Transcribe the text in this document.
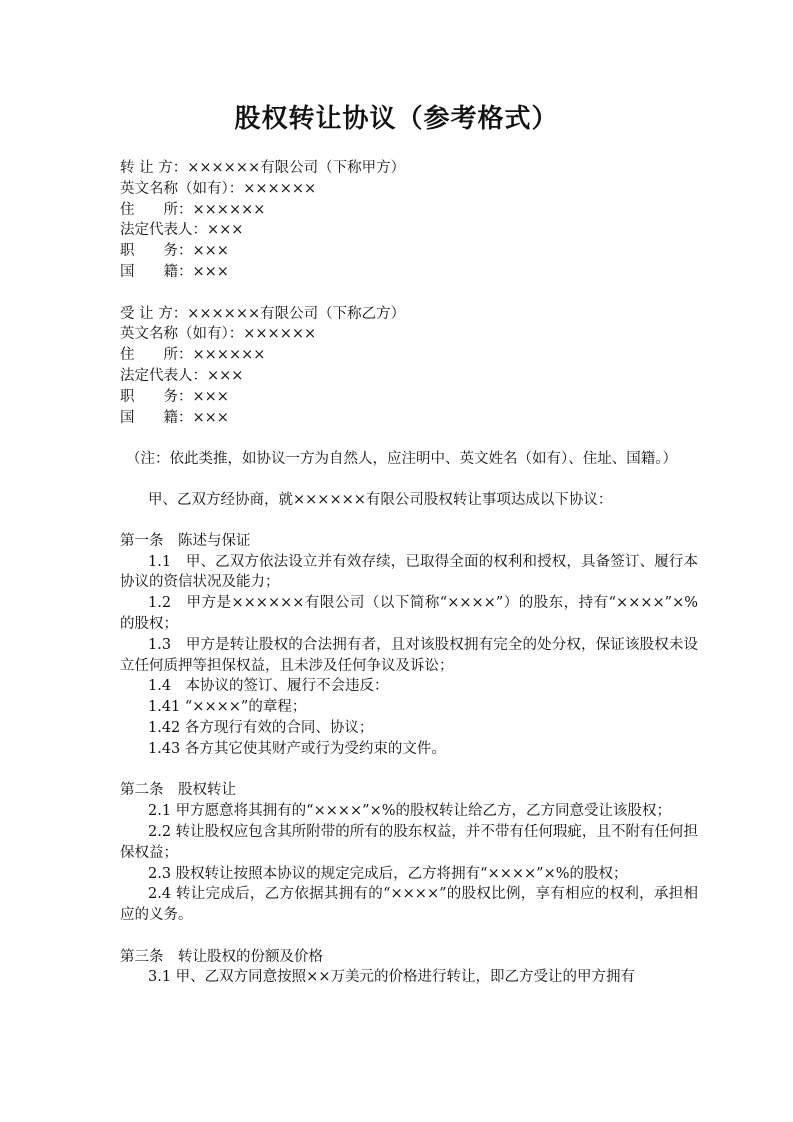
股权转让协议（参考格式）

转 让 方：××××××有限公司（下称甲方）

英文名称（如有）：××××××

住　　所：××××××

法定代表人：×××

职　　务：×××

国　　籍：×××

受 让 方：××××××有限公司（下称乙方）

英文名称（如有）：××××××

住　　所：××××××

法定代表人：×××

职　　务：×××

国　　籍：×××

（注：依此类推，如协议一方为自然人，应注明中、英文姓名（如有）、住址、国籍。）

甲、乙双方经协商，就××××××有限公司股权转让事项达成以下协议：

第一条　陈述与保证

1.1　甲、乙双方依法设立并有效存续，已取得全面的权利和授权，具备签订、履行本协议的资信状况及能力；

1.2　甲方是××××××有限公司（以下简称“××××”）的股东，持有“××××”×%的股权；

1.3　甲方是转让股权的合法拥有者，且对该股权拥有完全的处分权，保证该股权未设立任何质押等担保权益，且未涉及任何争议及诉讼；

1.4　本协议的签订、履行不会违反：

1.41 “××××”的章程；

1.42 各方现行有效的合同、协议；

1.43 各方其它使其财产或行为受约束的文件。

第二条　股权转让

2.1 甲方愿意将其拥有的“××××”×%的股权转让给乙方，乙方同意受让该股权；

2.2 转让股权应包含其所附带的所有的股东权益，并不带有任何瑕疵，且不附有任何担保权益；

2.3 股权转让按照本协议的规定完成后，乙方将拥有“××××”×%的股权；

2.4 转让完成后，乙方依据其拥有的“××××”的股权比例，享有相应的权利，承担相应的义务。

第三条　转让股权的份额及价格

3.1 甲、乙双方同意按照××万美元的价格进行转让，即乙方受让的甲方拥有
